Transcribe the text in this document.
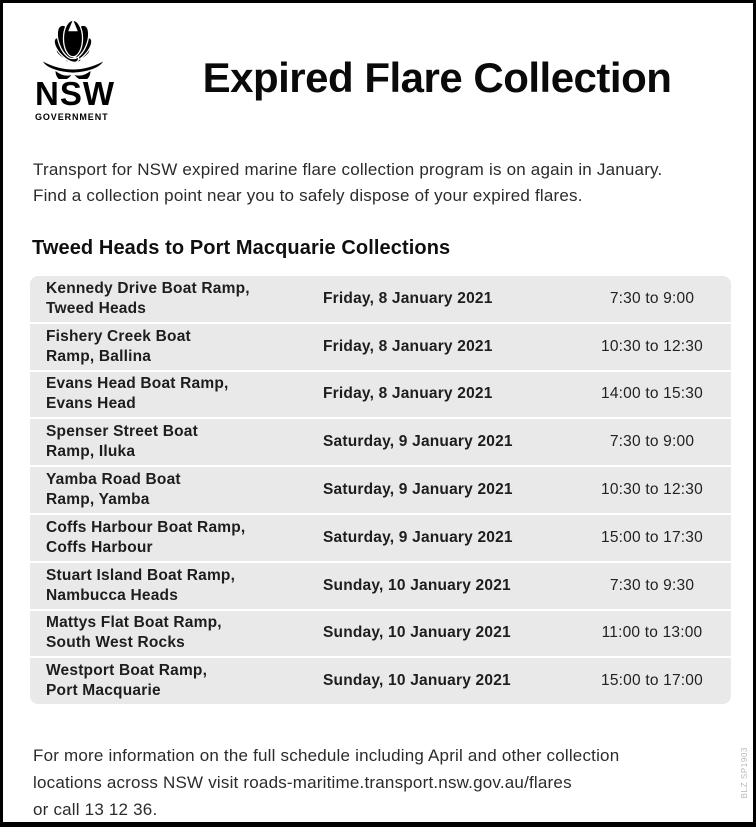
NSW
GOVERNMENT
Expired Flare Collection
Transport for NSW expired marine flare collection program is on again in January.
Find a collection point near you to safely dispose of your expired flares.
Tweed Heads to Port Macquarie Collections
Kennedy Drive Boat Ramp,
Tweed Heads
Friday, 8 January 2021	7:30 to 9:00
Fishery Creek Boat
Ramp, Ballina
Friday, 8 January 2021	10:30 to 12:30
Evans Head Boat Ramp,
Evans Head
Friday, 8 January 2021	14:00 to 15:30
Spenser Street Boat
Ramp, Iluka
Saturday, 9 January 2021	7:30 to 9:00
Yamba Road Boat
Ramp, Yamba
Saturday, 9 January 2021	10:30 to 12:30
Coffs Harbour Boat Ramp,
Coffs Harbour
Saturday, 9 January 2021	15:00 to 17:30
Stuart Island Boat Ramp,
Nambucca Heads
Sunday, 10 January 2021	7:30 to 9:30
Mattys Flat Boat Ramp,
South West Rocks
Sunday, 10 January 2021	11:00 to 13:00
Westport Boat Ramp,
Port Macquarie
Sunday, 10 January 2021	15:00 to 17:00
For more information on the full schedule including April and other collection
locations across NSW visit roads-maritime.transport.nsw.gov.au/flares
or call 13 12 36.
BLZ SP1903
